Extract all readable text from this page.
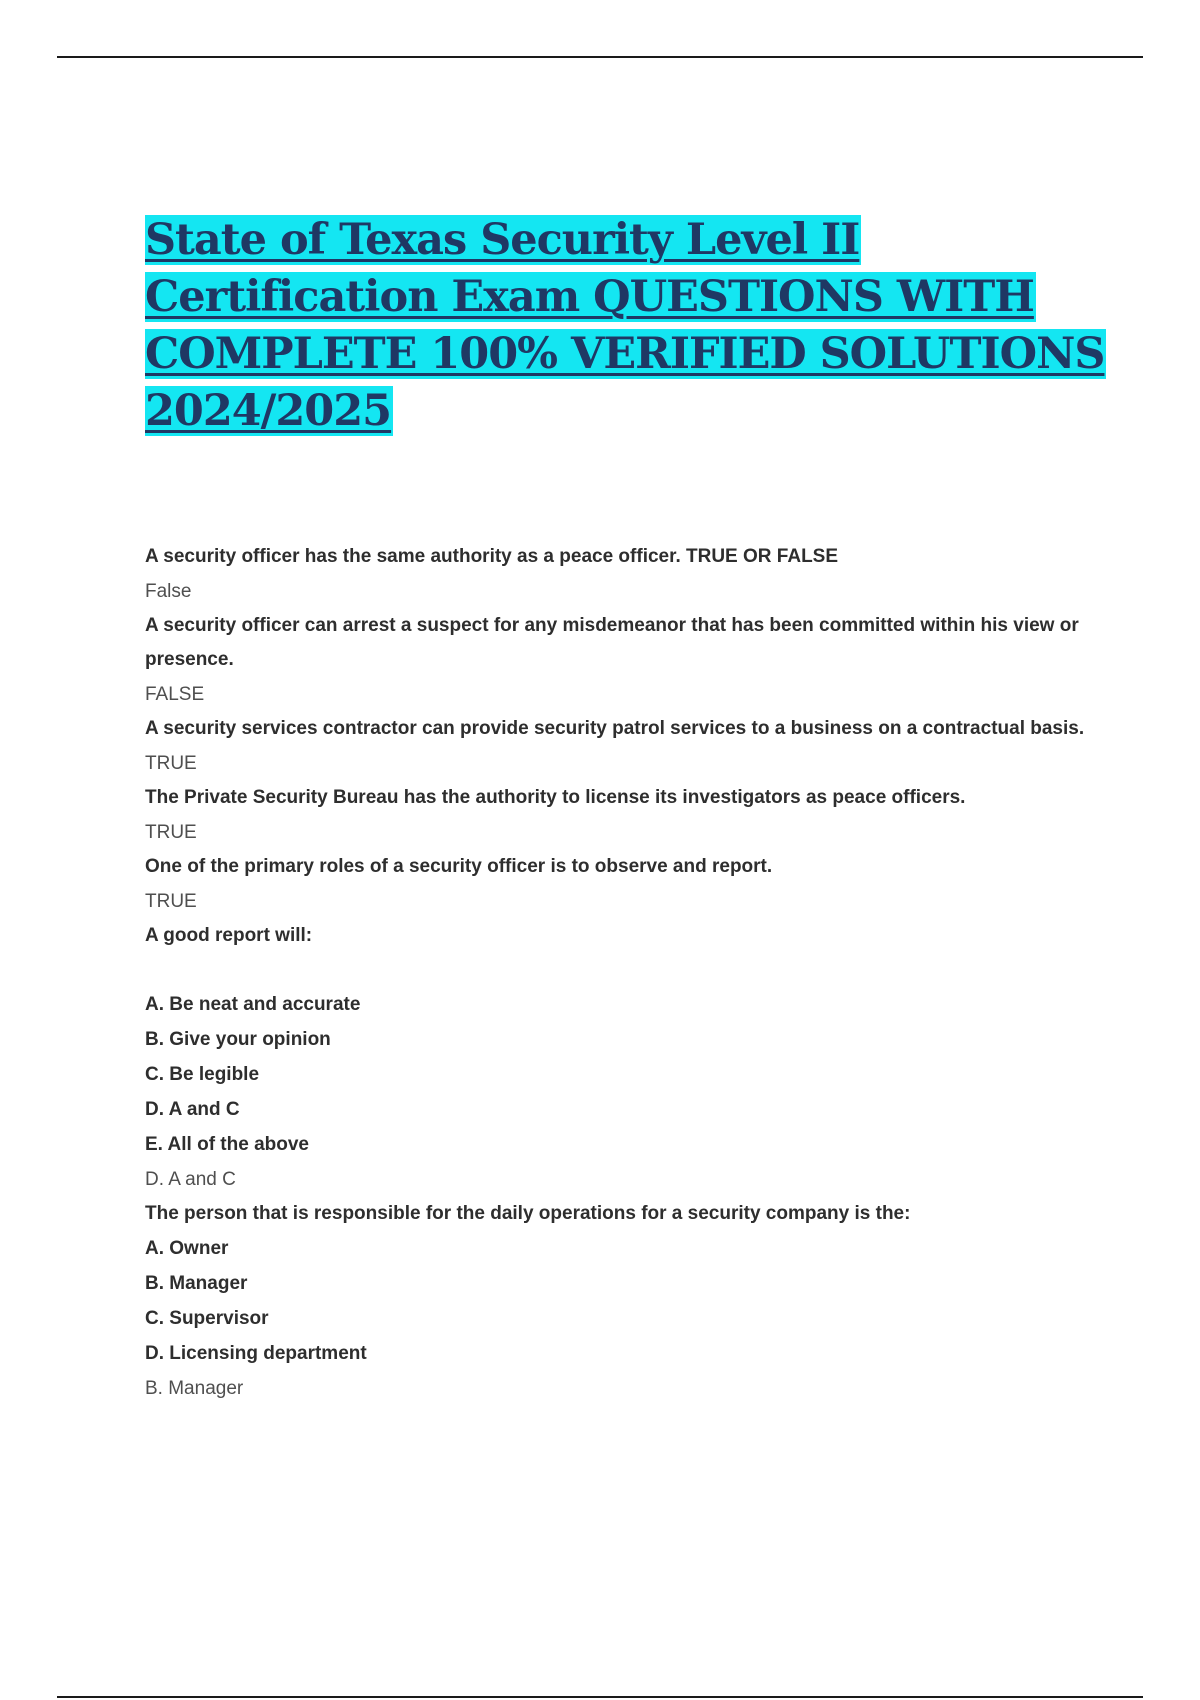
State of Texas Security Level II Certification Exam QUESTIONS WITH COMPLETE 100% VERIFIED SOLUTIONS 2024/2025

A security officer has the same authority as a peace officer. TRUE OR FALSE

False

A security officer can arrest a suspect for any misdemeanor that has been committed within his view or presence.

FALSE

A security services contractor can provide security patrol services to a business on a contractual basis.

TRUE

The Private Security Bureau has the authority to license its investigators as peace officers.

TRUE

One of the primary roles of a security officer is to observe and report.

TRUE

A good report will:

A. Be neat and accurate

B. Give your opinion

C. Be legible

D. A and C

E. All of the above

D. A and C

The person that is responsible for the daily operations for a security company is the:

A. Owner

B. Manager

C. Supervisor

D. Licensing department

B. Manager
